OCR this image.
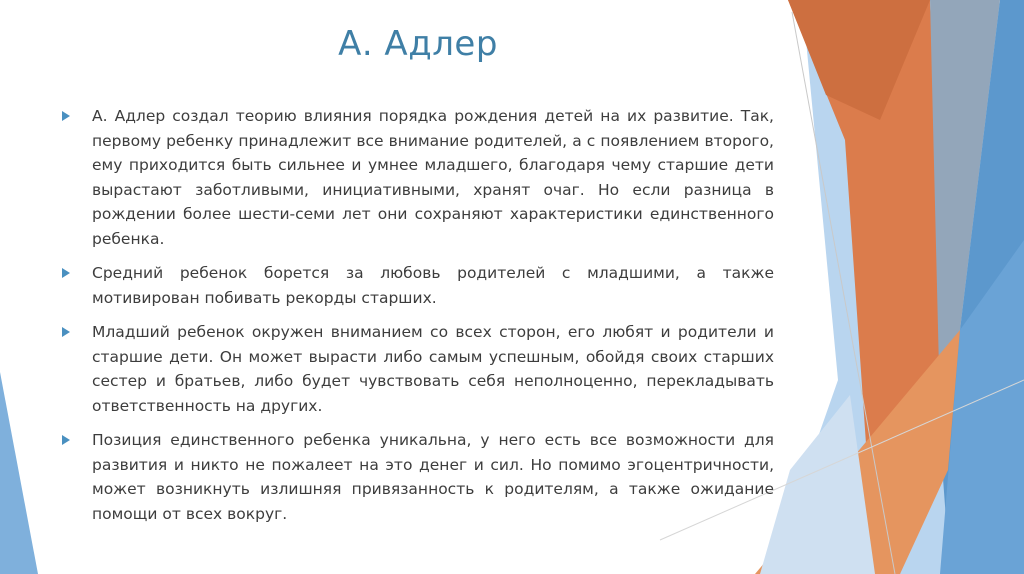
А. Адлер
А. Адлер создал теорию влияния порядка рождения детей на их развитие. Так, первому ребенку принадлежит все внимание родителей, а с появлением второго, ему приходится быть сильнее и умнее младшего, благодаря чему старшие дети вырастают заботливыми, инициативными, хранят очаг. Но если разница в рождении более шести-семи лет они сохраняют характеристики единственного ребенка.
Средний ребенок борется за любовь родителей с младшими, а также мотивирован побивать рекорды старших.
Младший ребенок окружен вниманием со всех сторон, его любят и родители и старшие дети. Он может вырасти либо самым успешным, обойдя своих старших сестер и братьев, либо будет чувствовать себя неполноценно, перекладывать ответственность на других.
Позиция единственного ребенка уникальна, у него есть все возможности для развития и никто не пожалеет на это денег и сил. Но помимо эгоцентричности, может возникнуть излишняя привязанность к родителям, а также ожидание помощи от всех вокруг.
